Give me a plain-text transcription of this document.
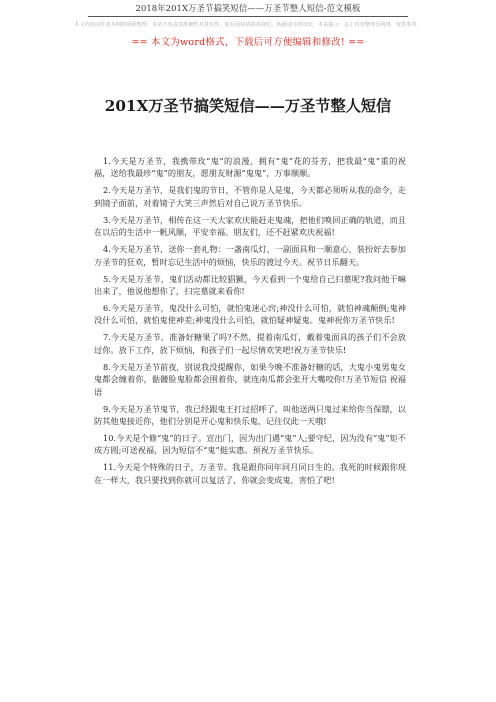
2018年201X万圣节搞笑短信——万圣节整人短信-范文模板
本文内容由作者本网络资源整理，本站不负责其准确性及真实性，如有侵权请联系我们。转载请注明出处，本站提示：以上内容整理自网络，仅供参考。
== 本文为word格式，下载后可方便编辑和修改! ==
201X万圣节搞笑短信——万圣节整人短信

1.今天是万圣节，我携带玫“鬼”的浪漫，拥有“鬼”花的芬芳，把我最“鬼”重的祝福，送给我最珍“鬼”的朋友，愿朋友财源“鬼鬼”，万事顺顺。

2.今天是万圣节，是我们鬼的节日，不管你是人是鬼，今天都必须听从我的命令，走到镜子面前，对着镜子大笑三声然后对自己说万圣节快乐。

3.今天是万圣节，相传在这一天大家欢庆能赶走鬼魂，把他们唤回正确的轨道，而且在以后的生活中一帆风顺，平安幸福。朋友们，还不赶紧欢庆祝福!

4.今天是万圣节，送你一套礼物：一盏南瓜灯、一副面具和一顺意心，装扮好去参加万圣节的狂欢，暂时忘记生活中的烦恼，快乐的渡过今天。祝节日乐翻天。

5.今天是万圣节，鬼们活动都比较猖獗，今天看到一个鬼给自己扫墓呢?我问他干嘛出来了，他说他想你了，扫完墓就来看你!

6.今天是万圣节，鬼没什么可怕，就怕鬼迷心窍;神没什么可怕，就怕神魂颠倒;鬼神没什么可怕，就怕鬼使神差;神鬼没什么可怕，就怕疑神疑鬼。鬼神祝你万圣节快乐!

7.今天是万圣节，准备好糖果了吗?不然，提着南瓜灯，戴着鬼面具的孩子们不会放过你。放下工作，放下烦恼，和孩子们一起尽情欢笑吧!祝万圣节快乐!

8.今天是万圣节前夜，别说我没提醒你，如果今晚不准备好糖的话，大鬼小鬼男鬼女鬼都会缠着你，骷髅脸鬼脸都会围着你，就连南瓜都会张开大嘴咬你!万圣节短信 祝福语

9.今天是万圣节鬼节，我已经跟鬼王打过招呼了，叫他送两只鬼过来给你当保镖，以防其他鬼接近你，他们分别是开心鬼和快乐鬼，记住仅此一天哦!

10.今天是个修“鬼”的日子。宣出门，因为出门遇“鬼”人;要守纪，因为没有“鬼”矩不成方圆;可送祝福，因为短信不“鬼”挺实惠。预祝万圣节快乐。

11.今天是个特殊的日子，万圣节。我是跟你同年同月同日生的。我死的时候跟你现在一样大，我只要找到你就可以复活了，你就会变成鬼，害怕了吧!
